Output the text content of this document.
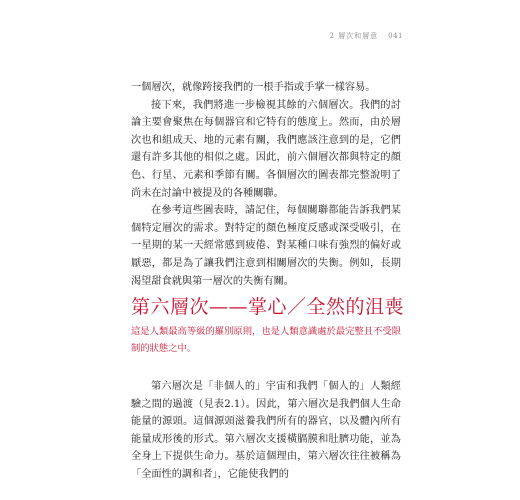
2 層次和層意 041

一個層次，就像跨接我們的一根手指或手掌一樣容易。

接下來，我們將進一步檢視其餘的六個層次。我們的討論主要會聚焦在每個器官和它特有的態度上。然而，由於層次也和組成天、地的元素有關，我們應該注意到的是，它們還有許多其他的相似之處。因此，前六個層次都與特定的顏色、行星、元素和季節有關。各個層次的圖表都完整說明了尚未在討論中被提及的各種關聯。

在參考這些圖表時，請記住，每個關聯都能告訴我們某個特定層次的需求。對特定的顏色極度反感或深受吸引，在一星期的某一天經常感到疲倦、對某種口味有強烈的偏好或厭惡，都是為了讓我們注意到相關層次的失衡。例如，長期渴望甜食就與第一層次的失衡有關。

第六層次——掌心／全然的沮喪

這是人類最高等級的羅別原則，也是人類意識處於最完整且不受限制的狀態之中。

第六層次是「非個人的」宇宙和我們「個人的」人類經驗之間的過渡（見表2.1）。因此，第六層次是我們個人生命能量的源頭。這個源頭滋養我們所有的器官，以及體內所有能量成形後的形式。第六層次支援橫膈膜和肚臍功能，並為全身上下提供生命力。基於這個理由，第六層次往往被稱為「全面性的調和者」，它能使我們的
